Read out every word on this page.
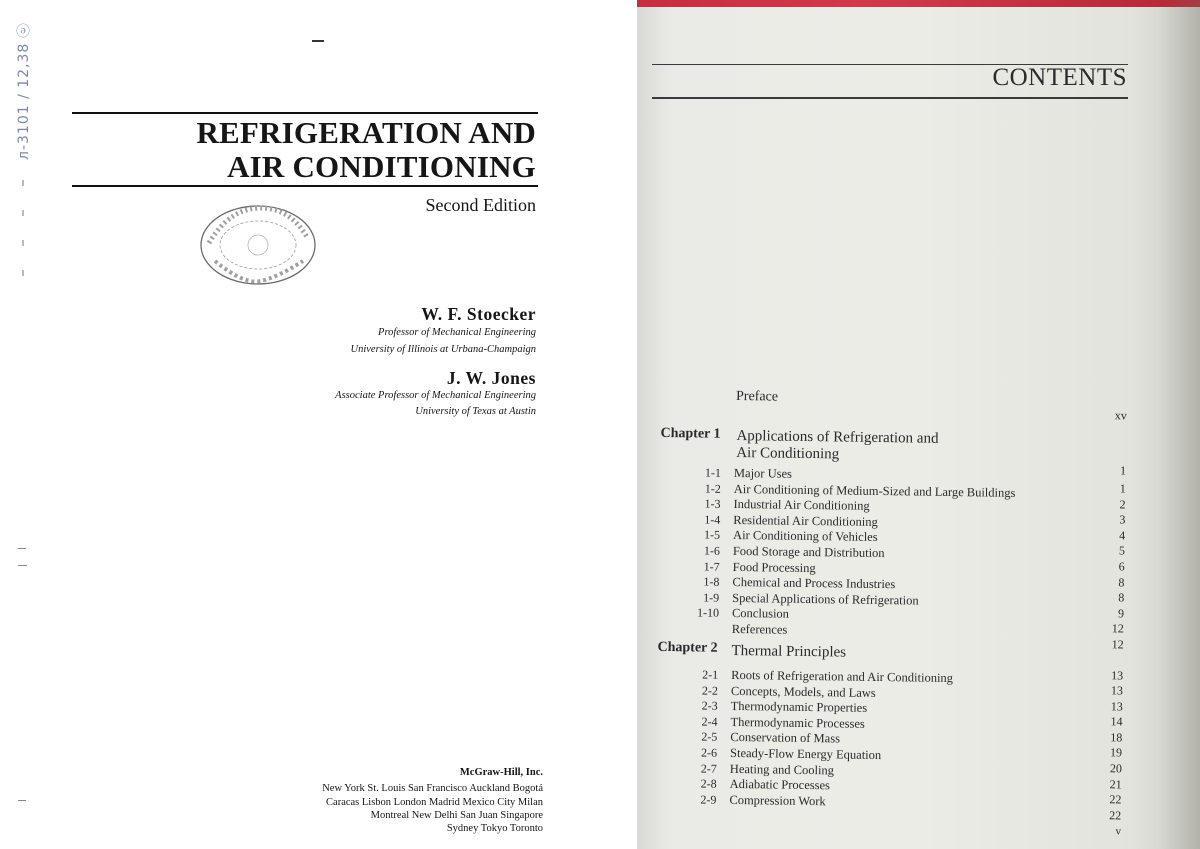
л-3101 / 12,38 ⓔ	REFRIGERATION AND
AIR CONDITIONING
Second Edition
W. F. Stoecker
Professor of Mechanical Engineering
University of Illinois at Urbana-Champaign
J. W. Jones
Associate Professor of Mechanical Engineering
University of Texas at Austin
McGraw-Hill, Inc.
New York St. Louis San Francisco Auckland Bogotá
Caracas Lisbon London Madrid Mexico City Milan
Montreal New Delhi San Juan Singapore
Sydney Tokyo Toronto
CONTENTS
Preface
xv
Chapter 1 Applications of Refrigeration and
Air Conditioning
1
1-1 Major Uses
1
1-2 Air Conditioning of Medium-Sized and Large Buildings
2
1-3 Industrial Air Conditioning
3
1-4 Residential Air Conditioning
4
1-5 Air Conditioning of Vehicles
5
1-6 Food Storage and Distribution
6
1-7 Food Processing
8
1-8 Chemical and Process Industries
8
1-9 Special Applications of Refrigeration
9
1-10 Conclusion
12
References
12
Chapter 2 Thermal Principles
13
2-1 Roots of Refrigeration and Air Conditioning
13
2-2 Concepts, Models, and Laws
13
2-3 Thermodynamic Properties
14
2-4 Thermodynamic Processes
18
2-5 Conservation of Mass
19
2-6 Steady-Flow Energy Equation
20
2-7 Heating and Cooling
21
2-8 Adiabatic Processes
22
2-9 Compression Work
22
v
